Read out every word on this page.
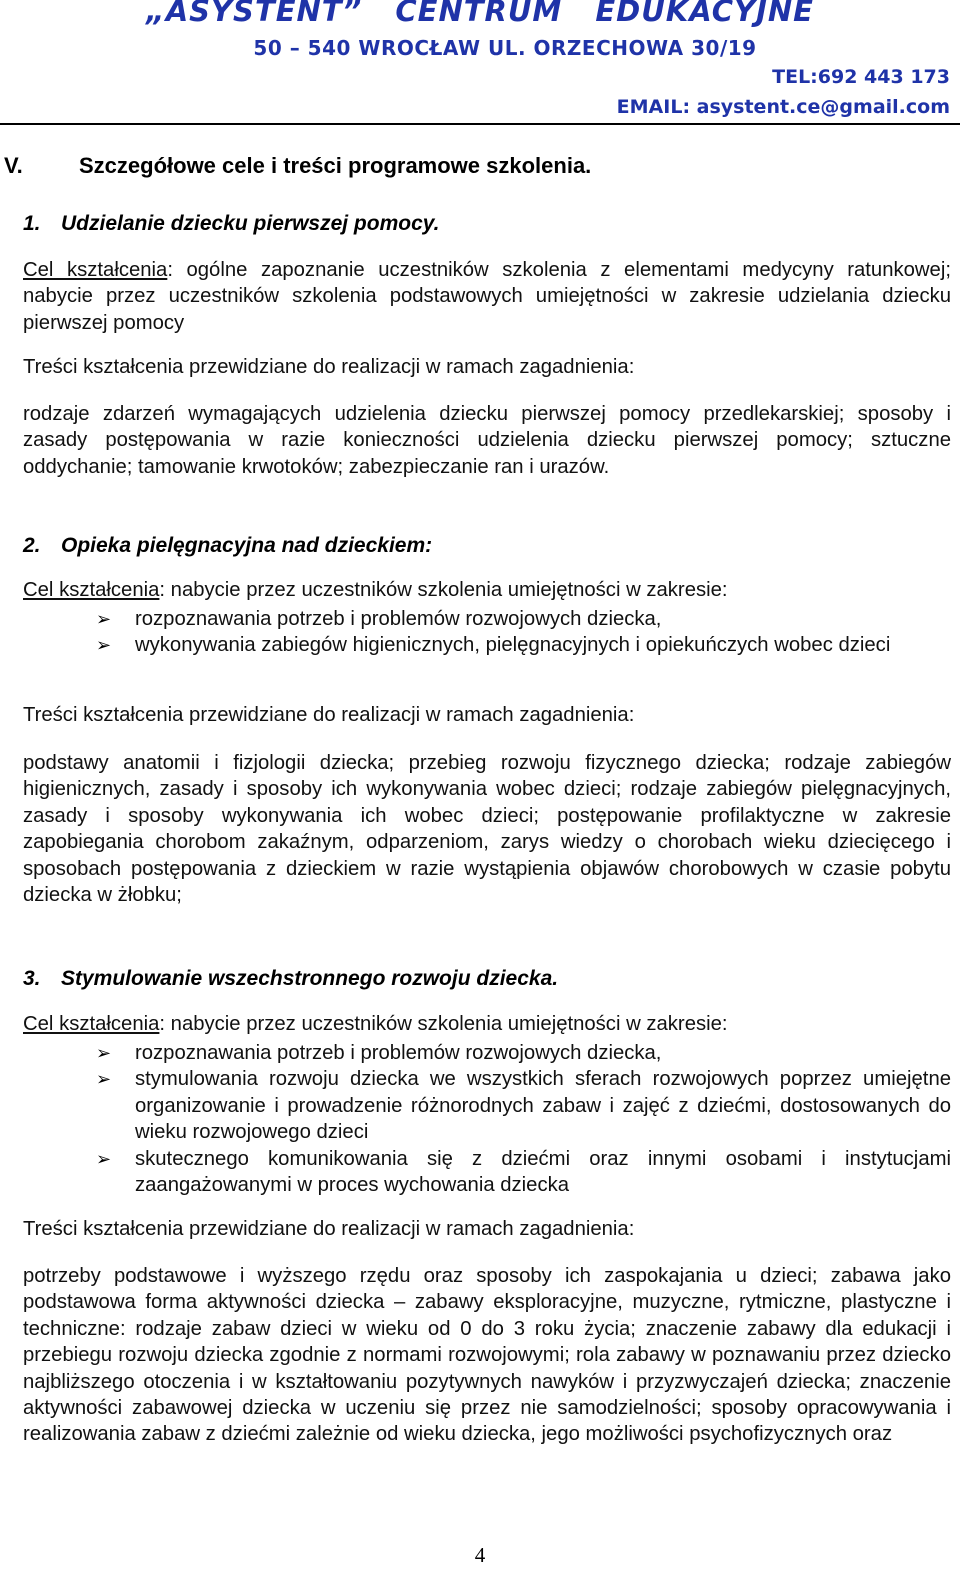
„ASYSTENT” CENTRUM EDUKACYJNE
50 – 540 WROCŁAW UL. ORZECHOWA 30/19
TEL:692 443 173
EMAIL: asystent.ce@gmail.com
V.	Szczegółowe cele i treści programowe szkolenia.
1. Udzielanie dziecku pierwszej pomocy.
Cel kształcenia: ogólne zapoznanie uczestników szkolenia z elementami medycyny ratunkowej; nabycie przez uczestników szkolenia podstawowych umiejętności w zakresie udzielania dziecku pierwszej pomocy
Treści kształcenia przewidziane do realizacji w ramach zagadnienia:
rodzaje zdarzeń wymagających udzielenia dziecku pierwszej pomocy przedlekarskiej; sposoby i zasady postępowania w razie konieczności udzielenia dziecku pierwszej pomocy; sztuczne oddychanie; tamowanie krwotoków; zabezpieczanie ran i urazów.
2. Opieka pielęgnacyjna nad dzieckiem:
Cel kształcenia: nabycie przez uczestników szkolenia umiejętności w zakresie:
➢ rozpoznawania potrzeb i problemów rozwojowych dziecka,
➢ wykonywania zabiegów higienicznych, pielęgnacyjnych i opiekuńczych wobec dzieci
Treści kształcenia przewidziane do realizacji w ramach zagadnienia:
podstawy anatomii i fizjologii dziecka; przebieg rozwoju fizycznego dziecka; rodzaje zabiegów higienicznych, zasady i sposoby ich wykonywania wobec dzieci; rodzaje zabiegów pielęgnacyjnych, zasady i sposoby wykonywania ich wobec dzieci; postępowanie profilaktyczne w zakresie zapobiegania chorobom zakaźnym, odparzeniom, zarys wiedzy o chorobach wieku dziecięcego i sposobach postępowania z dzieckiem w razie wystąpienia objawów chorobowych w czasie pobytu dziecka w żłobku;
3. Stymulowanie wszechstronnego rozwoju dziecka.
Cel kształcenia: nabycie przez uczestników szkolenia umiejętności w zakresie:
➢ rozpoznawania potrzeb i problemów rozwojowych dziecka,
➢ stymulowania rozwoju dziecka we wszystkich sferach rozwojowych poprzez umiejętne organizowanie i prowadzenie różnorodnych zabaw i zajęć z dziećmi, dostosowanych do wieku rozwojowego dzieci
➢ skutecznego komunikowania się z dziećmi oraz innymi osobami i instytucjami zaangażowanymi w proces wychowania dziecka
Treści kształcenia przewidziane do realizacji w ramach zagadnienia:
potrzeby podstawowe i wyższego rzędu oraz sposoby ich zaspokajania u dzieci; zabawa jako podstawowa forma aktywności dziecka – zabawy eksploracyjne, muzyczne, rytmiczne, plastyczne i techniczne: rodzaje zabaw dzieci w wieku od 0 do 3 roku życia; znaczenie zabawy dla edukacji i przebiegu rozwoju dziecka zgodnie z normami rozwojowymi; rola zabawy w poznawaniu przez dziecko najbliższego otoczenia i w kształtowaniu pozytywnych nawyków i przyzwyczajeń dziecka; znaczenie aktywności zabawowej dziecka w uczeniu się przez nie samodzielności; sposoby opracowywania i realizowania zabaw z dziećmi zależnie od wieku dziecka, jego możliwości psychofizycznych oraz
4
